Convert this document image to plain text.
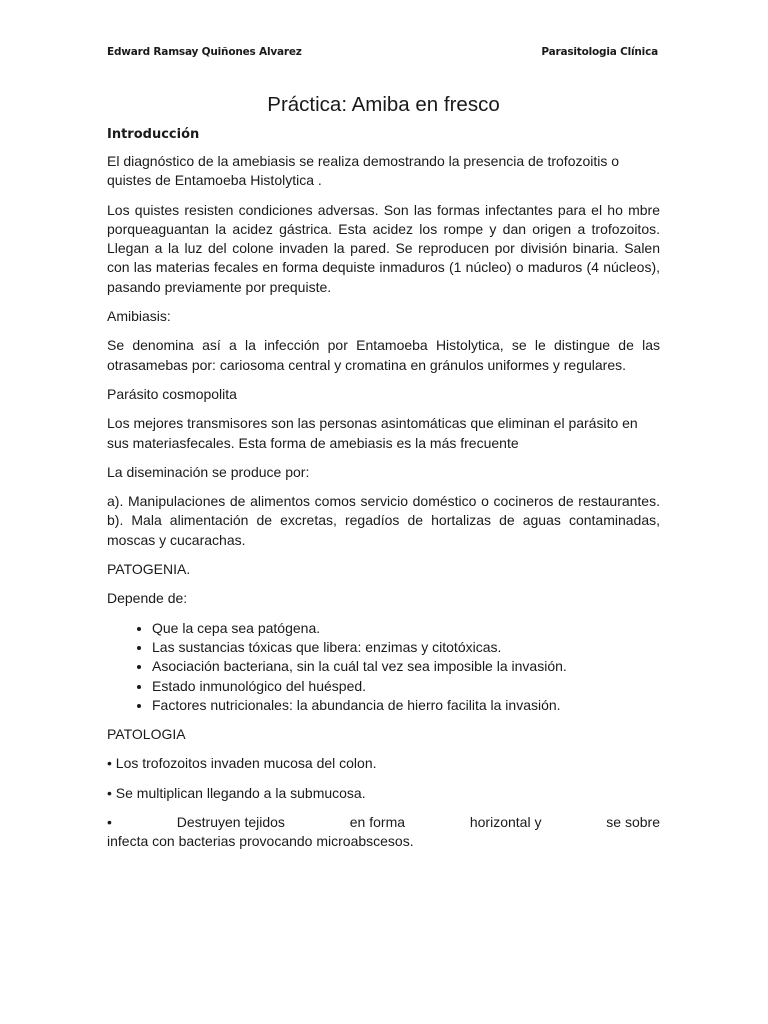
Edward Ramsay Quiñones Alvarez	Parasitologia Clínica
Práctica: Amiba en fresco
Introducción

El diagnóstico de la amebiasis se realiza demostrando la presencia de trofozoitis o quistes de Entamoeba Histolytica .

Los quistes resisten condiciones adversas. Son las formas infectantes para el ho mbre porqueaguantan la acidez gástrica. Esta acidez los rompe y dan origen a trofozoitos. Llegan a la luz del colone invaden la pared. Se reproducen por división binaria. Salen con las materias fecales en forma dequiste inmaduros (1 núcleo) o maduros (4 núcleos), pasando previamente por prequiste.

Amibiasis:

Se denomina así a la infección por Entamoeba Histolytica, se le distingue de las otrasamebas por: cariosoma central y cromatina en gránulos uniformes y regulares.

Parásito cosmopolita

Los mejores transmisores son las personas asintomáticas que eliminan el parásito en sus materiasfecales. Esta forma de amebiasis es la más frecuente

La diseminación se produce por:

a). Manipulaciones de alimentos comos servicio doméstico o cocineros de restaurantes. b). Mala alimentación de excretas, regadíos de hortalizas de aguas contaminadas, moscas y cucarachas.

PATOGENIA.

Depende de:

• Que la cepa sea patógena.
• Las sustancias tóxicas que libera: enzimas y citotóxicas.
• Asociación bacteriana, sin la cuál tal vez sea imposible la invasión.
• Estado inmunológico del huésped.
• Factores nutricionales: la abundancia de hierro facilita la invasión.

PATOLOGIA

• Los trofozoitos invaden mucosa del colon.

• Se multiplican llegando a la submucosa.

•	Destruyen tejidos	en forma	horizontal y	se sobre

infecta con bacterias provocando microabscesos.
